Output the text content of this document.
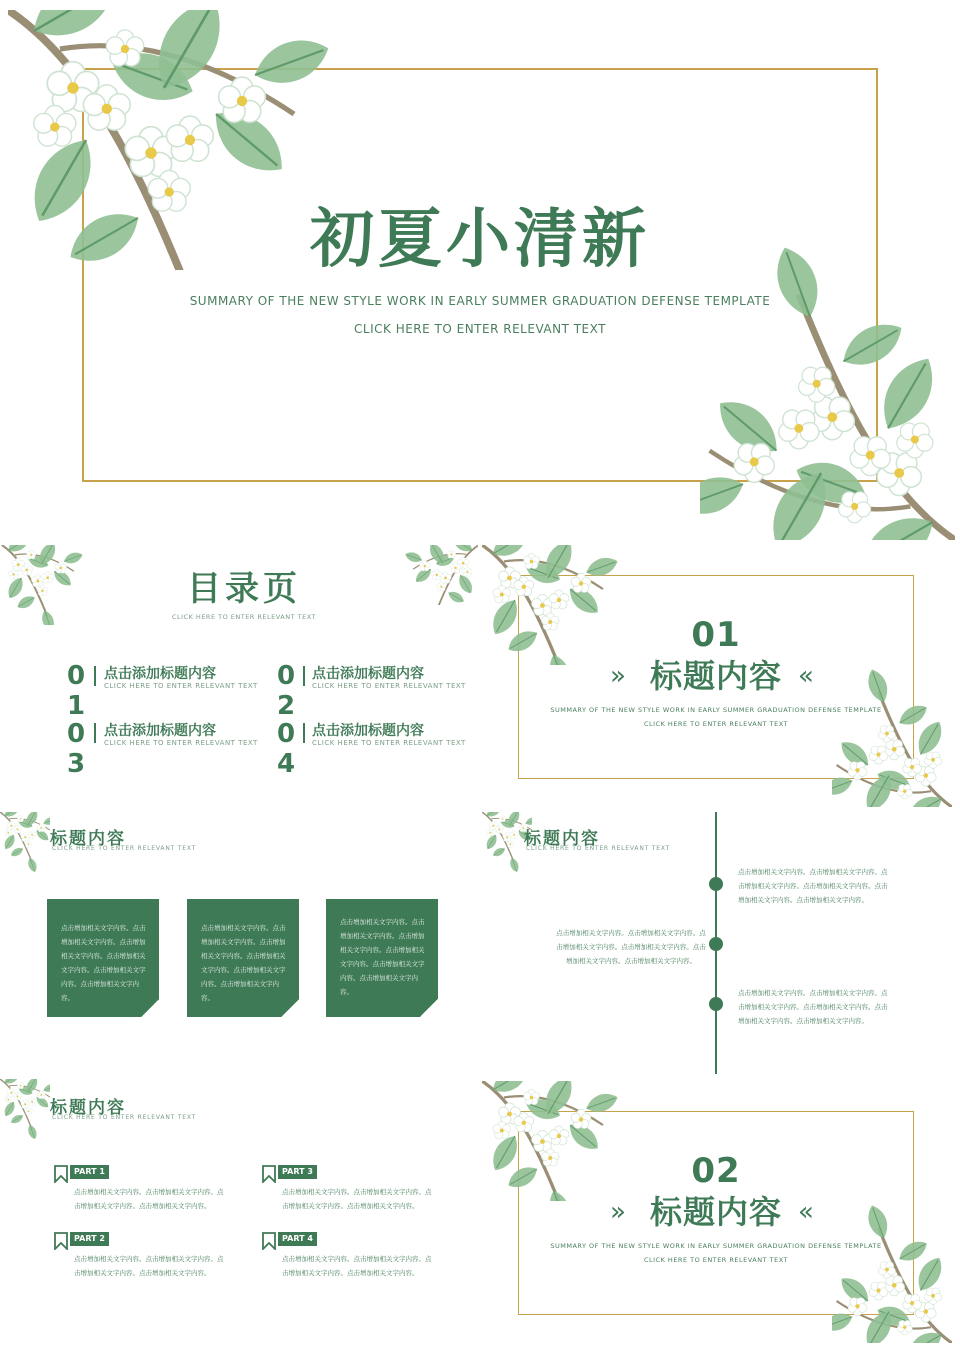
初夏小清新
SUMMARY OF THE NEW STYLE WORK IN EARLY SUMMER GRADUATION DEFENSE TEMPLATE
CLICK HERE TO ENTER RELEVANT TEXT
目录页
CLICK HERE TO ENTER RELEVANT TEXT
0
1
点击添加标题内容
CLICK HERE TO ENTER RELEVANT TEXT 0
2
点击添加标题内容
CLICK HERE TO ENTER RELEVANT TEXT
0
3
点击添加标题内容
CLICK HERE TO ENTER RELEVANT TEXT 0
4
点击添加标题内容
CLICK HERE TO ENTER RELEVANT TEXT
01
» 标题内容 «
SUMMARY OF THE NEW STYLE WORK IN EARLY SUMMER GRADUATION DEFENSE TEMPLATE
CLICK HERE TO ENTER RELEVANT TEXT
标题内容
CLICK HERE TO ENTER RELEVANT TEXT
点击增加相关文字内容。点击增加相关文字内容。点击增加相关文字内容。点击增加相关文字内容。点击增加相关文字内容。点击增加相关文字内容。
点击增加相关文字内容。点击增加相关文字内容。点击增加相关文字内容。点击增加相关文字内容。点击增加相关文字内容。点击增加相关文字内容。
点击增加相关文字内容。点击增加相关文字内容。点击增加相关文字内容。点击增加相关文字内容。点击增加相关文字内容。点击增加相关文字内容。
标题内容
CLICK HERE TO ENTER RELEVANT TEXT
点击增加相关文字内容。点击增加相关文字内容。点击增加相关文字内容。点击增加相关文字内容。点击增加相关文字内容。点击增加相关文字内容。
点击增加相关文字内容。点击增加相关文字内容。点击增加相关文字内容。点击增加相关文字内容。点击增加相关文字内容。点击增加相关文字内容。
点击增加相关文字内容。点击增加相关文字内容。点击增加相关文字内容。点击增加相关文字内容。点击增加相关文字内容。点击增加相关文字内容。
标题内容
CLICK HERE TO ENTER RELEVANT TEXT
PART 1
点击增加相关文字内容。点击增加相关文字内容。点击增加相关文字内容。点击增加相关文字内容。
PART 3
点击增加相关文字内容。点击增加相关文字内容。点击增加相关文字内容。点击增加相关文字内容。
PART 2
点击增加相关文字内容。点击增加相关文字内容。点击增加相关文字内容。点击增加相关文字内容。
PART 4
点击增加相关文字内容。点击增加相关文字内容。点击增加相关文字内容。点击增加相关文字内容。
02
» 标题内容 «
SUMMARY OF THE NEW STYLE WORK IN EARLY SUMMER GRADUATION DEFENSE TEMPLATE
CLICK HERE TO ENTER RELEVANT TEXT
